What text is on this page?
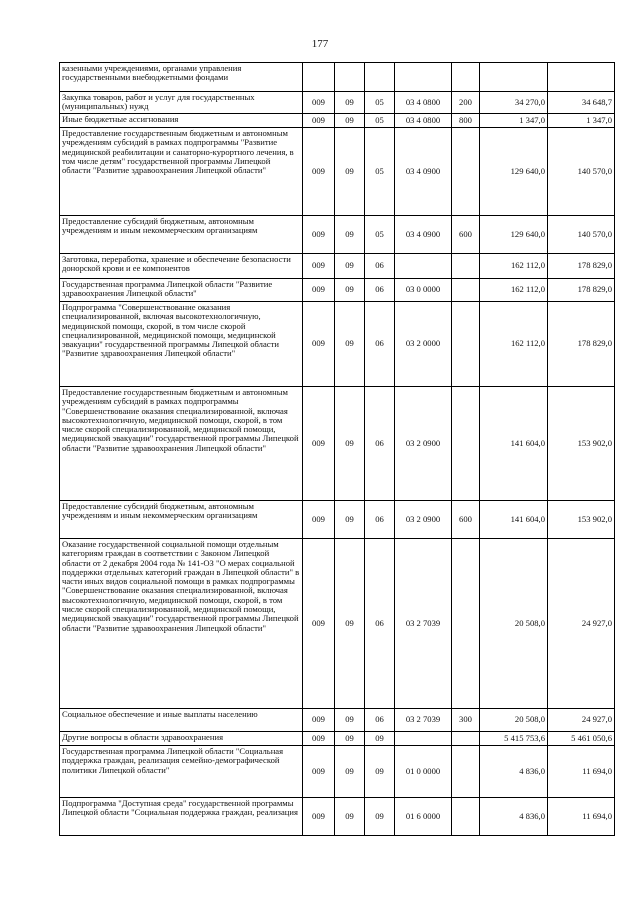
177
казенными учреждениями, органами управления государственными внебюджетными фондами							
Закупка товаров, работ и услуг для государственных (муниципальных) нужд	009	09	05	03 4 0800	200	34 270,0	34 648,7
Иные бюджетные ассигнования	009	09	05	03 4 0800	800	1 347,0	1 347,0
Предоставление государственным бюджетным и автономным учреждениям субсидий в рамках подпрограммы "Развитие медицинской реабилитации и санаторно-курортного лечения, в том числе детям" государственной программы Липецкой области "Развитие здравоохранения Липецкой области"	009	09	05	03 4 0900		129 640,0	140 570,0
Предоставление субсидий бюджетным, автономным учреждениям и иным некоммерческим организациям	009	09	05	03 4 0900	600	129 640,0	140 570,0
Заготовка, переработка, хранение и обеспечение безопасности донорской крови и ее компонентов	009	09	06			162 112,0	178 829,0
Государственная программа Липецкой области "Развитие здравоохранения Липецкой области"	009	09	06	03 0 0000		162 112,0	178 829,0
Подпрограмма "Совершенствование оказания специализированной, включая высокотехнологичную, медицинской помощи, скорой, в том числе скорой специализированной, медицинской помощи, медицинской эвакуации" государственной программы Липецкой области "Развитие здравоохранения Липецкой области"	009	09	06	03 2 0000		162 112,0	178 829,0
Предоставление государственным бюджетным и автономным учреждениям субсидий в рамках подпрограммы "Совершенствование оказания специализированной, включая высокотехнологичную, медицинской помощи, скорой, в том числе скорой специализированной, медицинской помощи, медицинской эвакуации" государственной программы Липецкой области "Развитие здравоохранения Липецкой области"	009	09	06	03 2 0900		141 604,0	153 902,0
Предоставление субсидий бюджетным, автономным учреждениям и иным некоммерческим организациям	009	09	06	03 2 0900	600	141 604,0	153 902,0
Оказание государственной социальной помощи отдельным категориям граждан в соответствии с Законом Липецкой области от 2 декабря 2004 года № 141-ОЗ "О мерах социальной поддержки отдельных категорий граждан в Липецкой области" в части иных видов социальной помощи в рамках подпрограммы "Совершенствование оказания специализированной, включая высокотехнологичную, медицинской помощи, скорой, в том числе скорой специализированной, медицинской помощи, медицинской эвакуации" государственной программы Липецкой области "Развитие здравоохранения Липецкой области"	009	09	06	03 2 7039		20 508,0	24 927,0
Социальное обеспечение и иные выплаты населению	009	09	06	03 2 7039	300	20 508,0	24 927,0
Другие вопросы в области здравоохранения	009	09	09			5 415 753,6	5 461 050,6
Государственная программа Липецкой области "Социальная поддержка граждан, реализация семейно-демографической политики Липецкой области"	009	09	09	01 0 0000		4 836,0	11 694,0
Подпрограмма "Доступная среда" государственной программы Липецкой области "Социальная поддержка граждан, реализация	009	09	09	01 6 0000		4 836,0	11 694,0
